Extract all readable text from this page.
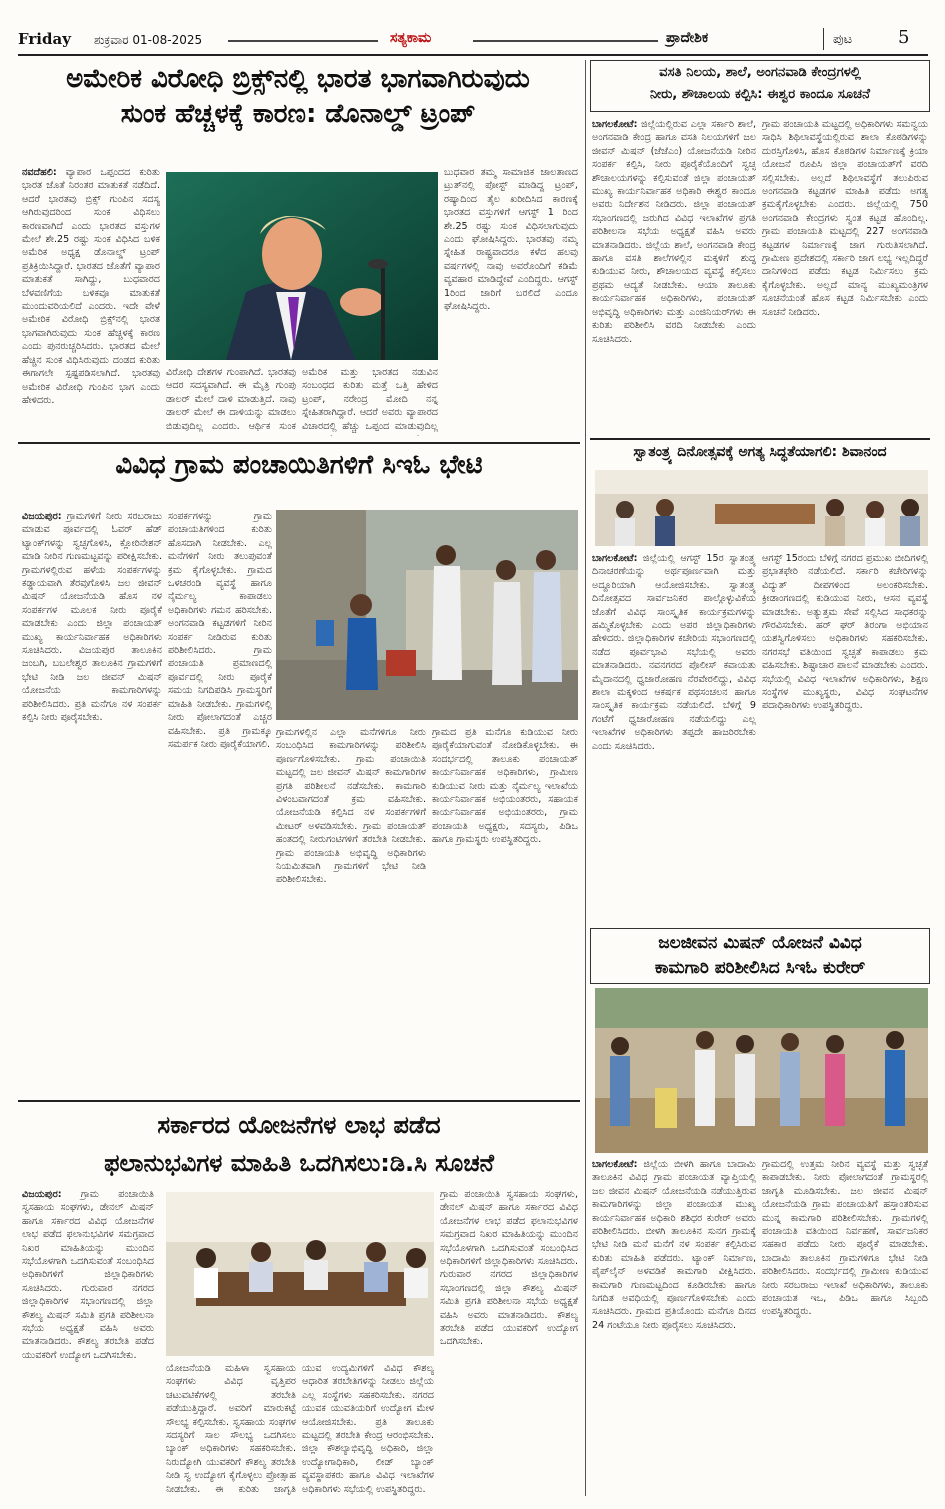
Friday ಶುಕ್ರವಾರ 01-08-2025	ಸತ್ಯಕಾಮ	ಪ್ರಾದೇಶಿಕ	ಪುಟ	5
ಅಮೇರಿಕ ವಿರೋಧಿ ಬ್ರಿಕ್ಸ್‌ನಲ್ಲಿ ಭಾರತ ಭಾಗವಾಗಿರುವುದು
ಸುಂಕ ಹೆಚ್ಚಳಕ್ಕೆ ಕಾರಣ: ಡೊನಾಲ್ಡ್ ಟ್ರಂಪ್
ನವದೆಹಲಿ: ವ್ಯಾಪಾರ ಒಪ್ಪಂದದ ಕುರಿತು ಭಾರತ ಜೊತೆ ನಿರಂತರ ಮಾತುಕತೆ ನಡೆದಿದೆ. ಆದರೆ ಭಾರತವು ಬ್ರಿಕ್ಸ್ ಗುಂಪಿನ ಸದಸ್ಯ ಆಗಿರುವುದರಿಂದ ಸುಂಕ ವಿಧಿಸಲು ಕಾರಣವಾಗಿದೆ ಎಂದು ಭಾರತದ ವಸ್ತುಗಳ ಮೇಲೆ ಶೇ.25 ರಷ್ಟು ಸುಂಕ ವಿಧಿಸಿದ ಬಳಿಕ ಅಮೆರಿಕ ಅಧ್ಯಕ್ಷ ಡೊನಾಲ್ಡ್ ಟ್ರಂಪ್ ಪ್ರತಿಕ್ರಿಯಿಸಿದ್ದಾರೆ. ಭಾರತದ ಜೊತೆಗೆ ವ್ಯಾಪಾರ ಮಾತುಕತೆ ಸಾಗಿದ್ದು, ಬುಧವಾರದ ಬೆಳವಣಿಗೆಯ ಬಳಿಕವೂ ಮಾತುಕತೆ ಮುಂದುವರಿಯಲಿದೆ ಎಂದರು. ಇದೇ ವೇಳೆ ಅಮೇರಿಕ ವಿರೋಧಿ ಬ್ರಿಕ್ಸ್‌ನಲ್ಲಿ ಭಾರತ ಭಾಗವಾಗಿರುವುದು ಸುಂಕ ಹೆಚ್ಚಳಕ್ಕೆ ಕಾರಣ ಎಂದು ಪುನರುಚ್ಚರಿಸಿದರು. ಭಾರತದ ಮೇಲೆ ಹೆಚ್ಚಿನ ಸುಂಕ ವಿಧಿಸಿರುವುದು ದಂಡದ ಕುರಿತು ಈಗಾಗಲೇ ಸ್ಪಷ್ಟಪಡಿಸಲಾಗಿದೆ. ಭಾರತವು ಅಮೇರಿಕ ವಿರೋಧಿ ಗುಂಪಿನ ಭಾಗ ಎಂದು ಹೇಳಿದರು.
ವಿರೋಧಿ ದೇಶಗಳ ಗುಂಪಾಗಿದೆ. ಭಾರತವು ಆದರ ಸದಸ್ಯವಾಗಿದೆ. ಈ ಮೈತ್ರಿ ಗುಂಪು ಡಾಲರ್ ಮೇಲೆ ದಾಳಿ ಮಾಡುತ್ತಿದೆ. ನಾವು ಡಾಲರ್ ಮೇಲೆ ಈ ದಾಳಿಯನ್ನು ಮಾಡಲು ಬಿಡುವುದಿಲ್ಲ ಎಂದರು. ಆರ್ಥಿಕ ಸುಂಕ
ಅಮೆರಿಕ ಮತ್ತು ಭಾರತದ ನಡುವಿನ ಸಂಬಂಧದ ಕುರಿತು ಮತ್ತೆ ಒತ್ತಿ ಹೇಳಿದ ಟ್ರಂಪ್, ನರೇಂದ್ರ ಮೋದಿ ನನ್ನ ಸ್ನೇಹಿತರಾಗಿದ್ದಾರೆ. ಆದರೆ ಅವರು ವ್ಯಾಪಾರದ ವಿಚಾರದಲ್ಲಿ ಹೆಚ್ಚು ಒಪ್ಪಂದ ಮಾಡುವುದಿಲ್ಲ
ಬುಧವಾರ ತಮ್ಮ ಸಾಮಾಜಿಕ ಜಾಲತಾಣದ ಟ್ರುತ್‌ನಲ್ಲಿ ಪೋಸ್ಟ್ ಮಾಡಿದ್ದ ಟ್ರಂಪ್, ರಷ್ಯಾದಿಂದ ತೈಲ ಖರೀದಿಸಿದ ಕಾರಣಕ್ಕೆ ಭಾರತದ ವಸ್ತುಗಳಿಗೆ ಆಗಸ್ಟ್ 1 ರಿಂದ ಶೇ.25 ರಷ್ಟು ಸುಂಕ ವಿಧಿಸಲಾಗುವುದು ಎಂದು ಘೋಷಿಸಿದ್ದರು. ಭಾರತವು ನಮ್ಮ ಸ್ನೇಹಿತ ರಾಷ್ಟ್ರವಾದರೂ ಕಳೆದ ಹಲವು ವರ್ಷಗಳಲ್ಲಿ ನಾವು ಅವರೊಂದಿಗೆ ಕಡಿಮೆ ವ್ಯವಹಾರ ಮಾಡಿದ್ದೇವೆ ಎಂದಿದ್ದರು. ಆಗಸ್ಟ್ 1ರಿಂದ ಜಾರಿಗೆ ಬರಲಿದೆ ಎಂದೂ ಘೋಷಿಸಿದ್ದರು.
ವಸತಿ ನಿಲಯ, ಶಾಲೆ, ಅಂಗನವಾಡಿ ಕೇಂದ್ರಗಳಲ್ಲಿ
ನೀರು, ಶೌಚಾಲಯ ಕಲ್ಪಿಸಿ: ಈಶ್ವರ ಕಾಂದೂ ಸೂಚನೆ
ಬಾಗಲಕೋಟೆ: ಜಿಲ್ಲೆಯಲ್ಲಿರುವ ಎಲ್ಲಾ ಸರ್ಕಾರಿ ಶಾಲೆ, ಅಂಗನವಾಡಿ ಕೇಂದ್ರ ಹಾಗೂ ವಸತಿ ನಿಲಯಗಳಿಗೆ ಜಲ ಜೀವನ್ ಮಿಷನ್ (ಜೆಜೆಎಂ) ಯೋಜನೆಯಡಿ ನೀರಿನ ಸಂಪರ್ಕ ಕಲ್ಪಿಸಿ, ನೀರು ಪೂರೈಕೆಯೊಂದಿಗೆ ಸ್ವಚ್ಛ ಶೌಚಾಲಯಗಳನ್ನು ಕಲ್ಪಿಸುವಂತೆ ಜಿಲ್ಲಾ ಪಂಚಾಯತ್ ಮುಖ್ಯ ಕಾರ್ಯನಿರ್ವಾಹಕ ಅಧಿಕಾರಿ ಈಶ್ವರ ಕಾಂದೂ ಅವರು ನಿರ್ದೇಶನ ನೀಡಿದರು. ಜಿಲ್ಲಾ ಪಂಚಾಯತ್ ಸಭಾಂಗಣದಲ್ಲಿ ಜರುಗಿದ ವಿವಿಧ ಇಲಾಖೆಗಳ ಪ್ರಗತಿ ಪರಿಶೀಲನಾ ಸಭೆಯ ಅಧ್ಯಕ್ಷತೆ ವಹಿಸಿ ಅವರು ಮಾತನಾಡಿದರು. ಜಿಲ್ಲೆಯ ಶಾಲೆ, ಅಂಗನವಾಡಿ ಕೇಂದ್ರ ಹಾಗೂ ವಸತಿ ಶಾಲೆಗಳಲ್ಲಿನ ಮಕ್ಕಳಿಗೆ ಶುದ್ಧ ಕುಡಿಯುವ ನೀರು, ಶೌಚಾಲಯದ ವ್ಯವಸ್ಥೆ ಕಲ್ಪಿಸಲು ಪ್ರಥಮ ಆದ್ಯತೆ ನೀಡಬೇಕು. ಆಯಾ ತಾಲೂಕು ಕಾರ್ಯನಿರ್ವಾಹಕ ಅಧಿಕಾರಿಗಳು, ಪಂಚಾಯತ್ ಅಭಿವೃದ್ಧಿ ಅಧಿಕಾರಿಗಳು ಮತ್ತು ಎಂಜಿನಿಯರ್‌ಗಳು ಈ ಕುರಿತು ಪರಿಶೀಲಿಸಿ ವರದಿ ನೀಡಬೇಕು ಎಂದು ಸೂಚಿಸಿದರು.
ಗ್ರಾಮ ಪಂಚಾಯತಿ ಮಟ್ಟದಲ್ಲಿ ಅಧಿಕಾರಿಗಳು ಸಮನ್ವಯ ಸಾಧಿಸಿ ಶಿಥಿಲಾವಸ್ಥೆಯಲ್ಲಿರುವ ಶಾಲಾ ಕೊಠಡಿಗಳನ್ನು ದುರಸ್ತಿಗೊಳಿಸಿ, ಹೊಸ ಕೊಠಡಿಗಳ ನಿರ್ಮಾಣಕ್ಕೆ ಕ್ರಿಯಾ ಯೋಜನೆ ರೂಪಿಸಿ ಜಿಲ್ಲಾ ಪಂಚಾಯತ್‌ಗೆ ವರದಿ ಸಲ್ಲಿಸಬೇಕು. ಅಲ್ಲದೆ ಶಿಥಿಲಾವಸ್ಥೆಗೆ ತಲುಪಿರುವ ಅಂಗನವಾಡಿ ಕಟ್ಟಡಗಳ ಮಾಹಿತಿ ಪಡೆದು ಅಗತ್ಯ ಕ್ರಮಕೈಗೊಳ್ಳಬೇಕು ಎಂದರು. ಜಿಲ್ಲೆಯಲ್ಲಿ 750 ಅಂಗನವಾಡಿ ಕೇಂದ್ರಗಳು ಸ್ವಂತ ಕಟ್ಟಡ ಹೊಂದಿಲ್ಲ. ಗ್ರಾಮ ಪಂಚಾಯತಿ ಮಟ್ಟದಲ್ಲಿ 227 ಅಂಗನವಾಡಿ ಕಟ್ಟಡಗಳ ನಿರ್ಮಾಣಕ್ಕೆ ಜಾಗ ಗುರುತಿಸಲಾಗಿದೆ. ಗ್ರಾಮೀಣ ಪ್ರದೇಶದಲ್ಲಿ ಸರ್ಕಾರಿ ಜಾಗ ಲಭ್ಯ ಇಲ್ಲದಿದ್ದರೆ ದಾನಿಗಳಿಂದ ಪಡೆದು ಕಟ್ಟಡ ನಿರ್ಮಿಸಲು ಕ್ರಮ ಕೈಗೊಳ್ಳಬೇಕು. ಅಲ್ಲದೆ ಮಾನ್ಯ ಮುಖ್ಯಮಂತ್ರಿಗಳ ಸೂಚನೆಯಂತೆ ಹೊಸ ಕಟ್ಟಡ ನಿರ್ಮಿಸಬೇಕು ಎಂದು ಸೂಚನೆ ನೀಡಿದರು.
ಸ್ವಾತಂತ್ರ್ಯ ದಿನೋತ್ಸವಕ್ಕೆ ಅಗತ್ಯ ಸಿದ್ಧತೆಯಾಗಲಿ: ಶಿವಾನಂದ
ಬಾಗಲಕೋಟೆ: ಜಿಲ್ಲೆಯಲ್ಲಿ ಆಗಸ್ಟ್ 15ರ ಸ್ವಾತಂತ್ರ್ಯ ದಿನಾಚರಣೆಯನ್ನು ಅರ್ಥಪೂರ್ಣವಾಗಿ ಮತ್ತು ಅದ್ದೂರಿಯಾಗಿ ಆಯೋಜಿಸಬೇಕು. ಸ್ವಾತಂತ್ರ್ಯ ದಿನೋತ್ಸವದ ಸಾರ್ವಜನಿಕರ ಪಾಲ್ಗೊಳ್ಳುವಿಕೆಯ ಜೊತೆಗೆ ವಿವಿಧ ಸಾಂಸ್ಕೃತಿಕ ಕಾರ್ಯಕ್ರಮಗಳನ್ನು ಹಮ್ಮಿಕೊಳ್ಳಬೇಕು ಎಂದು ಅಪರ ಜಿಲ್ಲಾಧಿಕಾರಿಗಳು ಹೇಳಿದರು. ಜಿಲ್ಲಾಧಿಕಾರಿಗಳ ಕಚೇರಿಯ ಸಭಾಂಗಣದಲ್ಲಿ ನಡೆದ ಪೂರ್ವಭಾವಿ ಸಭೆಯಲ್ಲಿ ಅವರು ಮಾತನಾಡಿದರು. ನವನಗರದ ಪೊಲೀಸ್ ಕವಾಯತು ಮೈದಾನದಲ್ಲಿ ಧ್ವಜಾರೋಹಣ ನೆರವೇರಲಿದ್ದು, ವಿವಿಧ ಶಾಲಾ ಮಕ್ಕಳಿಂದ ಆಕರ್ಷಕ ಪಥಸಂಚಲನ ಹಾಗೂ ಸಾಂಸ್ಕೃತಿಕ ಕಾರ್ಯಕ್ರಮ ನಡೆಯಲಿದೆ. ಬೆಳಿಗ್ಗೆ 9 ಗಂಟೆಗೆ ಧ್ವಜಾರೋಹಣ ನಡೆಯಲಿದ್ದು ಎಲ್ಲ ಇಲಾಖೆಗಳ ಅಧಿಕಾರಿಗಳು ತಪ್ಪದೇ ಹಾಜರಿರಬೇಕು ಎಂದು ಸೂಚಿಸಿದರು.
ಆಗಸ್ಟ್ 15ರಂದು ಬೆಳಿಗ್ಗೆ ನಗರದ ಪ್ರಮುಖ ಬೀದಿಗಳಲ್ಲಿ ಪ್ರಭಾತಫೇರಿ ನಡೆಯಲಿದೆ. ಸರ್ಕಾರಿ ಕಚೇರಿಗಳನ್ನು ವಿದ್ಯುತ್ ದೀಪಗಳಿಂದ ಅಲಂಕರಿಸಬೇಕು. ಕ್ರೀಡಾಂಗಣದಲ್ಲಿ ಕುಡಿಯುವ ನೀರು, ಆಸನ ವ್ಯವಸ್ಥೆ ಮಾಡಬೇಕು. ಅತ್ಯುತ್ತಮ ಸೇವೆ ಸಲ್ಲಿಸಿದ ಸಾಧಕರನ್ನು ಗೌರವಿಸಬೇಕು. ಹರ್ ಘರ್ ತಿರಂಗಾ ಅಭಿಯಾನ ಯಶಸ್ವಿಗೊಳಿಸಲು ಅಧಿಕಾರಿಗಳು ಸಹಕರಿಸಬೇಕು. ನಗರಸಭೆ ವತಿಯಿಂದ ಸ್ವಚ್ಛತೆ ಕಾಪಾಡಲು ಕ್ರಮ ವಹಿಸಬೇಕು. ಶಿಷ್ಟಾಚಾರ ಪಾಲನೆ ಮಾಡಬೇಕು ಎಂದರು. ಸಭೆಯಲ್ಲಿ ವಿವಿಧ ಇಲಾಖೆಗಳ ಅಧಿಕಾರಿಗಳು, ಶಿಕ್ಷಣ ಸಂಸ್ಥೆಗಳ ಮುಖ್ಯಸ್ಥರು, ವಿವಿಧ ಸಂಘಟನೆಗಳ ಪದಾಧಿಕಾರಿಗಳು ಉಪಸ್ಥಿತರಿದ್ದರು.
ವಿವಿಧ ಗ್ರಾಮ ಪಂಚಾಯಿತಿಗಳಿಗೆ ಸಿಇಓ ಭೇಟಿ
ವಿಜಯಪುರ: ಗ್ರಾಮಗಳಿಗೆ ನೀರು ಸರಬರಾಜು ಮಾಡುವ ಪೂರ್ವದಲ್ಲಿ ಓವರ್ ಹೆಡ್ ಟ್ಯಾಂಕ್‌ಗಳನ್ನು ಸ್ವಚ್ಛಗೊಳಿಸಿ, ಕ್ಲೋರಿನೇಶನ್ ಮಾಡಿ ನೀರಿನ ಗುಣಮಟ್ಟವನ್ನು ಪರೀಕ್ಷಿಸಬೇಕು. ಗ್ರಾಮಗಳಲ್ಲಿರುವ ಹಳೆಯ ಸಂಪರ್ಕಗಳನ್ನು ಕಡ್ಡಾಯವಾಗಿ ತೆರವುಗೊಳಿಸಿ ಜಲ ಜೀವನ್ ಮಿಷನ್ ಯೋಜನೆಯಡಿ ಹೊಸ ನಳ ಸಂಪರ್ಕಗಳ ಮೂಲಕ ನೀರು ಪೂರೈಕೆ ಮಾಡಬೇಕು ಎಂದು ಜಿಲ್ಲಾ ಪಂಚಾಯತ್ ಮುಖ್ಯ ಕಾರ್ಯನಿರ್ವಾಹಕ ಅಧಿಕಾರಿಗಳು ಸೂಚಿಸಿದರು. ವಿಜಯಪುರ ತಾಲೂಕಿನ ಜಂಬಗಿ, ಬಬಲೇಶ್ವರ ತಾಲೂಕಿನ ಗ್ರಾಮಗಳಿಗೆ ಭೇಟಿ ನೀಡಿ ಜಲ ಜೀವನ್ ಮಿಷನ್ ಯೋಜನೆಯ ಕಾಮಗಾರಿಗಳನ್ನು ಪರಿಶೀಲಿಸಿದರು. ಪ್ರತಿ ಮನೆಗೂ ನಳ ಸಂಪರ್ಕ ಕಲ್ಪಿಸಿ ನೀರು ಪೂರೈಸಬೇಕು.
ಸಂಪರ್ಕಗಳನ್ನು ಗ್ರಾಮ ಪಂಚಾಯತಿಗಳಿಂದ ಕುರಿತು ಹೊಸದಾಗಿ ನೀಡಬೇಕು. ಎಲ್ಲ ಮನೆಗಳಿಗೆ ನೀರು ತಲುಪುವಂತೆ ಕ್ರಮ ಕೈಗೊಳ್ಳಬೇಕು. ಗ್ರಾಮದ ಒಳಚರಂಡಿ ವ್ಯವಸ್ಥೆ ಹಾಗೂ ನೈರ್ಮಲ್ಯ ಕಾಪಾಡಲು ಅಧಿಕಾರಿಗಳು ಗಮನ ಹರಿಸಬೇಕು. ಅಂಗನವಾಡಿ ಕಟ್ಟಡಗಳಿಗೆ ನೀರಿನ ಸಂಪರ್ಕ ನೀಡಿರುವ ಕುರಿತು ಪರಿಶೀಲಿಸಿದರು. ಗ್ರಾಮ ಪಂಚಾಯತಿ ಪ್ರಮಾಣದಲ್ಲಿ ಪೂರ್ವದಲ್ಲಿ ನೀರು ಪೂರೈಕೆ ಸಮಯ ನಿಗದಿಪಡಿಸಿ ಗ್ರಾಮಸ್ಥರಿಗೆ ಮಾಹಿತಿ ನೀಡಬೇಕು. ಗ್ರಾಮಗಳಲ್ಲಿ ನೀರು ಪೋಲಾಗದಂತೆ ಎಚ್ಚರ ವಹಿಸಬೇಕು. ಪ್ರತಿ ಗ್ರಾಮಕ್ಕೂ ಸಮರ್ಪಕ ನೀರು ಪೂರೈಕೆಯಾಗಲಿ.
ಗ್ರಾಮಗಳಲ್ಲಿನ ಎಲ್ಲಾ ಮನೆಗಳಿಗೂ ನೀರು ಸಂಬಂಧಿಸಿದ ಕಾಮಗಾರಿಗಳನ್ನು ಪರಿಶೀಲಿಸಿ ಪೂರ್ಣಗೊಳಿಸಬೇಕು. ಗ್ರಾಮ ಪಂಚಾಯಿತಿ ಮಟ್ಟದಲ್ಲಿ ಜಲ ಜೀವನ್ ಮಿಷನ್ ಕಾಮಗಾರಿಗಳ ಪ್ರಗತಿ ಪರಿಶೀಲನೆ ನಡೆಸಬೇಕು. ಕಾಮಗಾರಿ ವಿಳಂಬವಾಗದಂತೆ ಕ್ರಮ ವಹಿಸಬೇಕು. ಯೋಜನೆಯಡಿ ಕಲ್ಪಿಸಿದ ನಳ ಸಂಪರ್ಕಗಳಿಗೆ ಮೀಟರ್ ಅಳವಡಿಸಬೇಕು. ಗ್ರಾಮ ಪಂಚಾಯತ್ ಹಂತದಲ್ಲಿ ನೀರುಗಂಟಿಗಳಿಗೆ ತರಬೇತಿ ನೀಡಬೇಕು. ಗ್ರಾಮ ಪಂಚಾಯತಿ ಅಭಿವೃದ್ಧಿ ಅಧಿಕಾರಿಗಳು ನಿಯಮಿತವಾಗಿ ಗ್ರಾಮಗಳಿಗೆ ಭೇಟಿ ನೀಡಿ ಪರಿಶೀಲಿಸಬೇಕು.
ಗ್ರಾಮದ ಪ್ರತಿ ಮನೆಗೂ ಕುಡಿಯುವ ನೀರು ಪೂರೈಕೆಯಾಗುವಂತೆ ನೋಡಿಕೊಳ್ಳಬೇಕು. ಈ ಸಂದರ್ಭದಲ್ಲಿ ತಾಲೂಕು ಪಂಚಾಯತ್ ಕಾರ್ಯನಿರ್ವಾಹಕ ಅಧಿಕಾರಿಗಳು, ಗ್ರಾಮೀಣ ಕುಡಿಯುವ ನೀರು ಮತ್ತು ನೈರ್ಮಲ್ಯ ಇಲಾಖೆಯ ಕಾರ್ಯನಿರ್ವಾಹಕ ಅಭಿಯಂತರರು, ಸಹಾಯಕ ಕಾರ್ಯನಿರ್ವಾಹಕ ಅಭಿಯಂತರರು, ಗ್ರಾಮ ಪಂಚಾಯತಿ ಅಧ್ಯಕ್ಷರು, ಸದಸ್ಯರು, ಪಿಡಿಒ ಹಾಗೂ ಗ್ರಾಮಸ್ಥರು ಉಪಸ್ಥಿತರಿದ್ದರು.
ಜಲಜೀವನ ಮಿಷನ್ ಯೋಜನೆ ವಿವಿಧ
ಕಾಮಗಾರಿ ಪರಿಶೀಲಿಸಿದ ಸಿಇಓ ಕುರೇರ್
ಬಾಗಲಕೋಟೆ: ಜಿಲ್ಲೆಯ ಬೀಳಗಿ ಹಾಗೂ ಬಾದಾಮಿ ತಾಲೂಕಿನ ವಿವಿಧ ಗ್ರಾಮ ಪಂಚಾಯತ ವ್ಯಾಪ್ತಿಯಲ್ಲಿ ಜಲ ಜೀವನ ಮಿಷನ್ ಯೋಜನೆಯಡಿ ನಡೆಯುತ್ತಿರುವ ಕಾಮಗಾರಿಗಳನ್ನು ಜಿಲ್ಲಾ ಪಂಚಾಯತ ಮುಖ್ಯ ಕಾರ್ಯನಿರ್ವಾಹಕ ಅಧಿಕಾರಿ ಶಶಿಧರ ಕುರೇರ್ ಅವರು ಪರಿಶೀಲಿಸಿದರು. ಬೀಳಗಿ ತಾಲೂಕಿನ ಸುನಗ ಗ್ರಾಮಕ್ಕೆ ಭೇಟಿ ನೀಡಿ ಮನೆ ಮನೆಗೆ ನಳ ಸಂಪರ್ಕ ಕಲ್ಪಿಸಿರುವ ಕುರಿತು ಮಾಹಿತಿ ಪಡೆದರು. ಟ್ಯಾಂಕ್ ನಿರ್ಮಾಣ, ಪೈಪ್‌ಲೈನ್ ಅಳವಡಿಕೆ ಕಾಮಗಾರಿ ವೀಕ್ಷಿಸಿದರು. ಕಾಮಗಾರಿ ಗುಣಮಟ್ಟದಿಂದ ಕೂಡಿರಬೇಕು ಹಾಗೂ ನಿಗದಿತ ಅವಧಿಯಲ್ಲಿ ಪೂರ್ಣಗೊಳಿಸಬೇಕು ಎಂದು ಸೂಚಿಸಿದರು. ಗ್ರಾಮದ ಪ್ರತಿಯೊಂದು ಮನೆಗೂ ದಿನದ 24 ಗಂಟೆಯೂ ನೀರು ಪೂರೈಸಲು ಸೂಚಿಸಿದರು.
ಗ್ರಾಮದಲ್ಲಿ ಉತ್ತಮ ನೀರಿನ ವ್ಯವಸ್ಥೆ ಮತ್ತು ಸ್ವಚ್ಛತೆ ಕಾಪಾಡಬೇಕು. ನೀರು ಪೋಲಾಗದಂತೆ ಗ್ರಾಮಸ್ಥರಲ್ಲಿ ಜಾಗೃತಿ ಮೂಡಿಸಬೇಕು. ಜಲ ಜೀವನ ಮಿಷನ್ ಯೋಜನೆಯಡಿ ಗ್ರಾಮ ಪಂಚಾಯತಿಗೆ ಹಸ್ತಾಂತರಿಸುವ ಮುನ್ನ ಕಾಮಗಾರಿ ಪರಿಶೀಲಿಸಬೇಕು. ಗ್ರಾಮಗಳಲ್ಲಿ ಪಂಚಾಯತಿ ವತಿಯಿಂದ ನಿರ್ವಹಣೆ, ಸಾರ್ವಜನಿಕರ ಸಹಕಾರ ಪಡೆದು ನೀರು ಪೂರೈಕೆ ಮಾಡಬೇಕು. ಬಾದಾಮಿ ತಾಲೂಕಿನ ಗ್ರಾಮಗಳಿಗೂ ಭೇಟಿ ನೀಡಿ ಪರಿಶೀಲಿಸಿದರು. ಸಂದರ್ಭದಲ್ಲಿ ಗ್ರಾಮೀಣ ಕುಡಿಯುವ ನೀರು ಸರಬರಾಜು ಇಲಾಖೆ ಅಧಿಕಾರಿಗಳು, ತಾಲೂಕು ಪಂಚಾಯತ ಇಒ, ಪಿಡಿಒ ಹಾಗೂ ಸಿಬ್ಬಂದಿ ಉಪಸ್ಥಿತರಿದ್ದರು.
ಸರ್ಕಾರದ ಯೋಜನೆಗಳ ಲಾಭ ಪಡೆದ
ಫಲಾನುಭವಿಗಳ ಮಾಹಿತಿ ಒದಗಿಸಲು:ಡಿ.ಸಿ ಸೂಚನೆ
ವಿಜಯಪುರ: ಗ್ರಾಮ ಪಂಚಾಯಿತಿ ಸ್ವಸಹಾಯ ಸಂಘಗಳು, ಡೇನಲ್ ಮಿಷನ್ ಹಾಗೂ ಸರ್ಕಾರದ ವಿವಿಧ ಯೋಜನೆಗಳ ಲಾಭ ಪಡೆದ ಫಲಾನುಭವಿಗಳ ಸಮಗ್ರವಾದ ನಿಖರ ಮಾಹಿತಿಯನ್ನು ಮುಂದಿನ ಸಭೆಯೊಳಗಾಗಿ ಒದಗಿಸುವಂತೆ ಸಂಬಂಧಿಸಿದ ಅಧಿಕಾರಿಗಳಿಗೆ ಜಿಲ್ಲಾಧಿಕಾರಿಗಳು ಸೂಚಿಸಿದರು. ಗುರುವಾರ ನಗರದ ಜಿಲ್ಲಾಧಿಕಾರಿಗಳ ಸಭಾಂಗಣದಲ್ಲಿ ಜಿಲ್ಲಾ ಕೌಶಲ್ಯ ಮಿಷನ್ ಸಮಿತಿ ಪ್ರಗತಿ ಪರಿಶೀಲನಾ ಸಭೆಯ ಅಧ್ಯಕ್ಷತೆ ವಹಿಸಿ ಅವರು ಮಾತನಾಡಿದರು. ಕೌಶಲ್ಯ ತರಬೇತಿ ಪಡೆದ ಯುವಕರಿಗೆ ಉದ್ಯೋಗ ಒದಗಿಸಬೇಕು.
ಯೋಜನೆಯಡಿ ಮಹಿಳಾ ಸ್ವಸಹಾಯ ಸಂಘಗಳು ವಿವಿಧ ವೃತ್ತಿಪರ ಚಟುವಟಿಕೆಗಳಲ್ಲಿ ತರಬೇತಿ ಪಡೆಯುತ್ತಿದ್ದಾರೆ. ಅವರಿಗೆ ಮಾರುಕಟ್ಟೆ ಸೌಲಭ್ಯ ಕಲ್ಪಿಸಬೇಕು. ಸ್ವಸಹಾಯ ಸಂಘಗಳ ಸದಸ್ಯರಿಗೆ ಸಾಲ ಸೌಲಭ್ಯ ಒದಗಿಸಲು ಬ್ಯಾಂಕ್ ಅಧಿಕಾರಿಗಳು ಸಹಕರಿಸಬೇಕು. ನಿರುದ್ಯೋಗಿ ಯುವಕರಿಗೆ ಕೌಶಲ್ಯ ತರಬೇತಿ ನೀಡಿ ಸ್ವ ಉದ್ಯೋಗ ಕೈಗೊಳ್ಳಲು ಪ್ರೋತ್ಸಾಹ ನೀಡಬೇಕು. ಈ ಕುರಿತು ಜಾಗೃತಿ
ಯುವ ಉದ್ಯಮಿಗಳಿಗೆ ವಿವಿಧ ಕೌಶಲ್ಯ ಆಧಾರಿತ ತರಬೇತಿಗಳನ್ನು ನೀಡಲು ಜಿಲ್ಲೆಯ ಎಲ್ಲ ಸಂಸ್ಥೆಗಳು ಸಹಕರಿಸಬೇಕು. ನಗರದ ಯುವಕ ಯುವತಿಯರಿಗೆ ಉದ್ಯೋಗ ಮೇಳ ಆಯೋಜಿಸಬೇಕು. ಪ್ರತಿ ತಾಲೂಕು ಮಟ್ಟದಲ್ಲಿ ತರಬೇತಿ ಕೇಂದ್ರ ಆರಂಭಿಸಬೇಕು. ಜಿಲ್ಲಾ ಕೌಶಲ್ಯಾಭಿವೃದ್ಧಿ ಅಧಿಕಾರಿ, ಜಿಲ್ಲಾ ಉದ್ಯೋಗಾಧಿಕಾರಿ, ಲೀಡ್ ಬ್ಯಾಂಕ್ ವ್ಯವಸ್ಥಾಪಕರು ಹಾಗೂ ವಿವಿಧ ಇಲಾಖೆಗಳ ಅಧಿಕಾರಿಗಳು ಸಭೆಯಲ್ಲಿ ಉಪಸ್ಥಿತರಿದ್ದರು.
ಗ್ರಾಮ ಪಂಚಾಯಿತಿ ಸ್ವಸಹಾಯ ಸಂಘಗಳು, ಡೇನಲ್ ಮಿಷನ್ ಹಾಗೂ ಸರ್ಕಾರದ ವಿವಿಧ ಯೋಜನೆಗಳ ಲಾಭ ಪಡೆದ ಫಲಾನುಭವಿಗಳ ಸಮಗ್ರವಾದ ನಿಖರ ಮಾಹಿತಿಯನ್ನು ಮುಂದಿನ ಸಭೆಯೊಳಗಾಗಿ ಒದಗಿಸುವಂತೆ ಸಂಬಂಧಿಸಿದ ಅಧಿಕಾರಿಗಳಿಗೆ ಜಿಲ್ಲಾಧಿಕಾರಿಗಳು ಸೂಚಿಸಿದರು. ಗುರುವಾರ ನಗರದ ಜಿಲ್ಲಾಧಿಕಾರಿಗಳ ಸಭಾಂಗಣದಲ್ಲಿ ಜಿಲ್ಲಾ ಕೌಶಲ್ಯ ಮಿಷನ್ ಸಮಿತಿ ಪ್ರಗತಿ ಪರಿಶೀಲನಾ ಸಭೆಯ ಅಧ್ಯಕ್ಷತೆ ವಹಿಸಿ ಅವರು ಮಾತನಾಡಿದರು. ಕೌಶಲ್ಯ ತರಬೇತಿ ಪಡೆದ ಯುವಕರಿಗೆ ಉದ್ಯೋಗ ಒದಗಿಸಬೇಕು.
